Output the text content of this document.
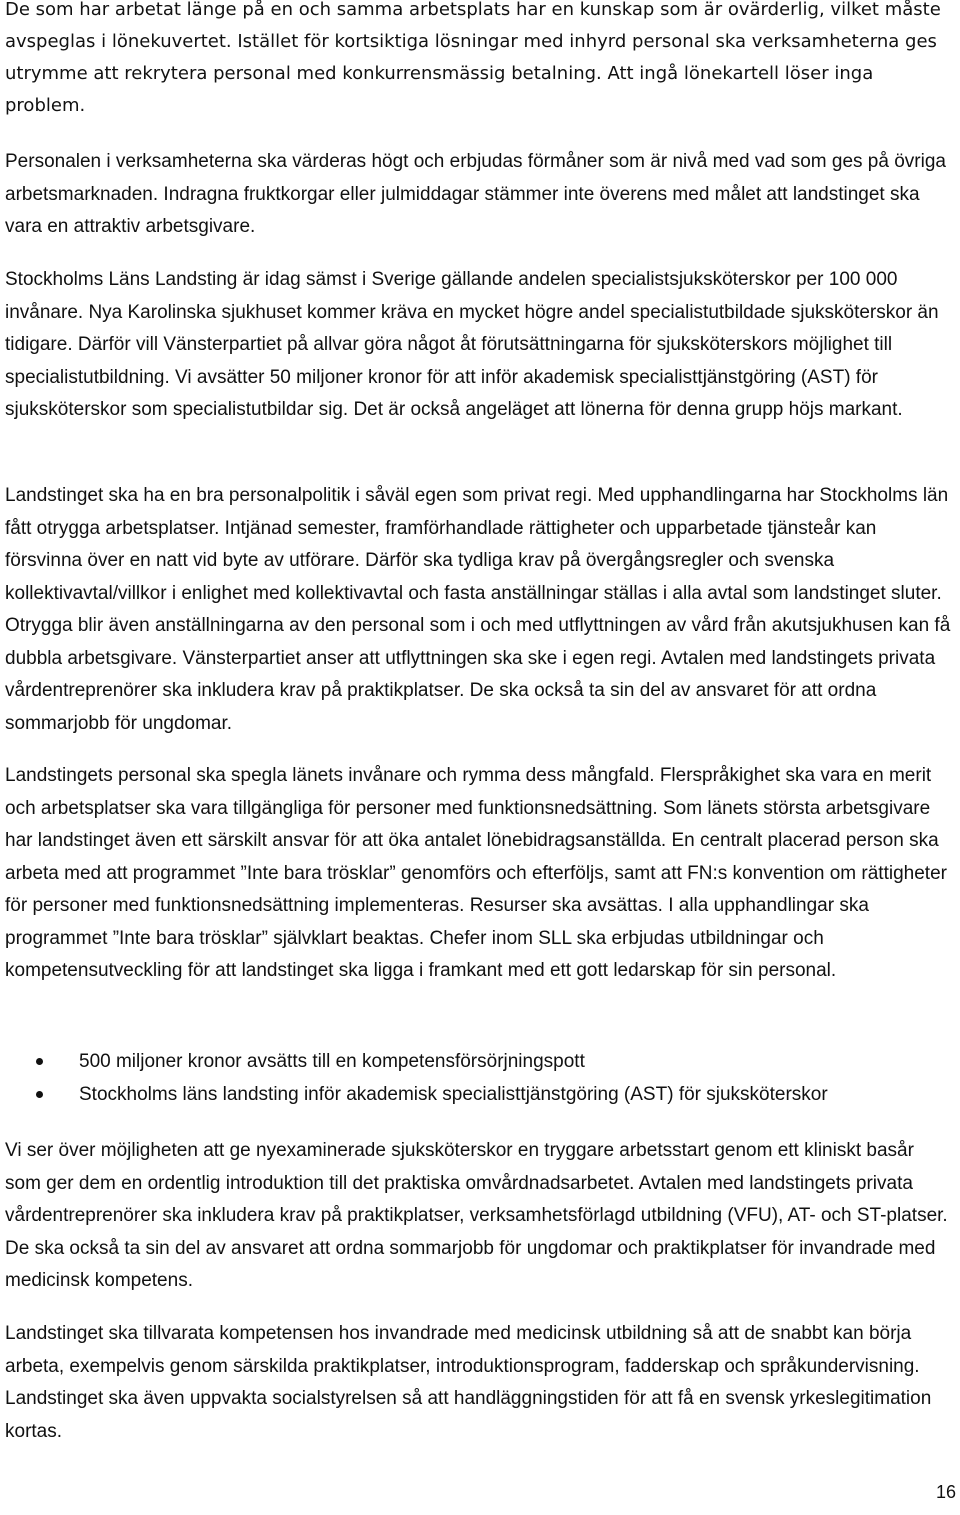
De som har arbetat länge på en och samma arbetsplats har en kunskap som är ovärderlig, vilket måste avspeglas i lönekuvertet. Istället för kortsiktiga lösningar med inhyrd personal ska verksamheterna ges utrymme att rekrytera personal med konkurrensmässig betalning. Att ingå lönekartell löser inga problem.

Personalen i verksamheterna ska värderas högt och erbjudas förmåner som är nivå med vad som ges på övriga arbetsmarknaden. Indragna fruktkorgar eller julmiddagar stämmer inte överens med målet att landstinget ska vara en attraktiv arbetsgivare.

Stockholms Läns Landsting är idag sämst i Sverige gällande andelen specialistsjuksköterskor per 100 000 invånare. Nya Karolinska sjukhuset kommer kräva en mycket högre andel specialistutbildade sjuksköterskor än tidigare. Därför vill Vänsterpartiet på allvar göra något åt förutsättningarna för sjuksköterskors möjlighet till specialistutbildning. Vi avsätter 50 miljoner kronor för att inför akademisk specialisttjänstgöring (AST) för sjuksköterskor som specialistutbildar sig. Det är också angeläget att lönerna för denna grupp höjs markant.

Landstinget ska ha en bra personalpolitik i såväl egen som privat regi. Med upphandlingarna har Stockholms län fått otrygga arbetsplatser. Intjänad semester, framförhandlade rättigheter och upparbetade tjänsteår kan försvinna över en natt vid byte av utförare. Därför ska tydliga krav på övergångsregler och svenska kollektivavtal/villkor i enlighet med kollektivavtal och fasta anställningar ställas i alla avtal som landstinget sluter. Otrygga blir även anställningarna av den personal som i och med utflyttningen av vård från akutsjukhusen kan få dubbla arbetsgivare. Vänsterpartiet anser att utflyttningen ska ske i egen regi. Avtalen med landstingets privata vårdentreprenörer ska inkludera krav på praktikplatser. De ska också ta sin del av ansvaret för att ordna sommarjobb för ungdomar.

Landstingets personal ska spegla länets invånare och rymma dess mångfald. Flerspråkighet ska vara en merit och arbetsplatser ska vara tillgängliga för personer med funktionsnedsättning. Som länets största arbetsgivare har landstinget även ett särskilt ansvar för att öka antalet lönebidragsanställda. En centralt placerad person ska arbeta med att programmet ”Inte bara trösklar” genomförs och efterföljs, samt att FN:s konvention om rättigheter för personer med funktionsnedsättning implementeras. Resurser ska avsättas. I alla upphandlingar ska programmet ”Inte bara trösklar” självklart beaktas. Chefer inom SLL ska erbjudas utbildningar och kompetensutveckling för att landstinget ska ligga i framkant med ett gott ledarskap för sin personal.

500 miljoner kronor avsätts till en kompetensförsörjningspott
Stockholms läns landsting inför akademisk specialisttjänstgöring (AST) för sjuksköterskor

Vi ser över möjligheten att ge nyexaminerade sjuksköterskor en tryggare arbetsstart genom ett kliniskt basår som ger dem en ordentlig introduktion till det praktiska omvårdnadsarbetet. Avtalen med landstingets privata vårdentreprenörer ska inkludera krav på praktikplatser, verksamhetsförlagd utbildning (VFU), AT- och ST-platser. De ska också ta sin del av ansvaret att ordna sommarjobb för ungdomar och praktikplatser för invandrade med medicinsk kompetens.

Landstinget ska tillvarata kompetensen hos invandrade med medicinsk utbildning så att de snabbt kan börja arbeta, exempelvis genom särskilda praktikplatser, introduktionsprogram, fadderskap och språkundervisning. Landstinget ska även uppvakta socialstyrelsen så att handläggningstiden för att få en svensk yrkeslegitimation kortas.

16
